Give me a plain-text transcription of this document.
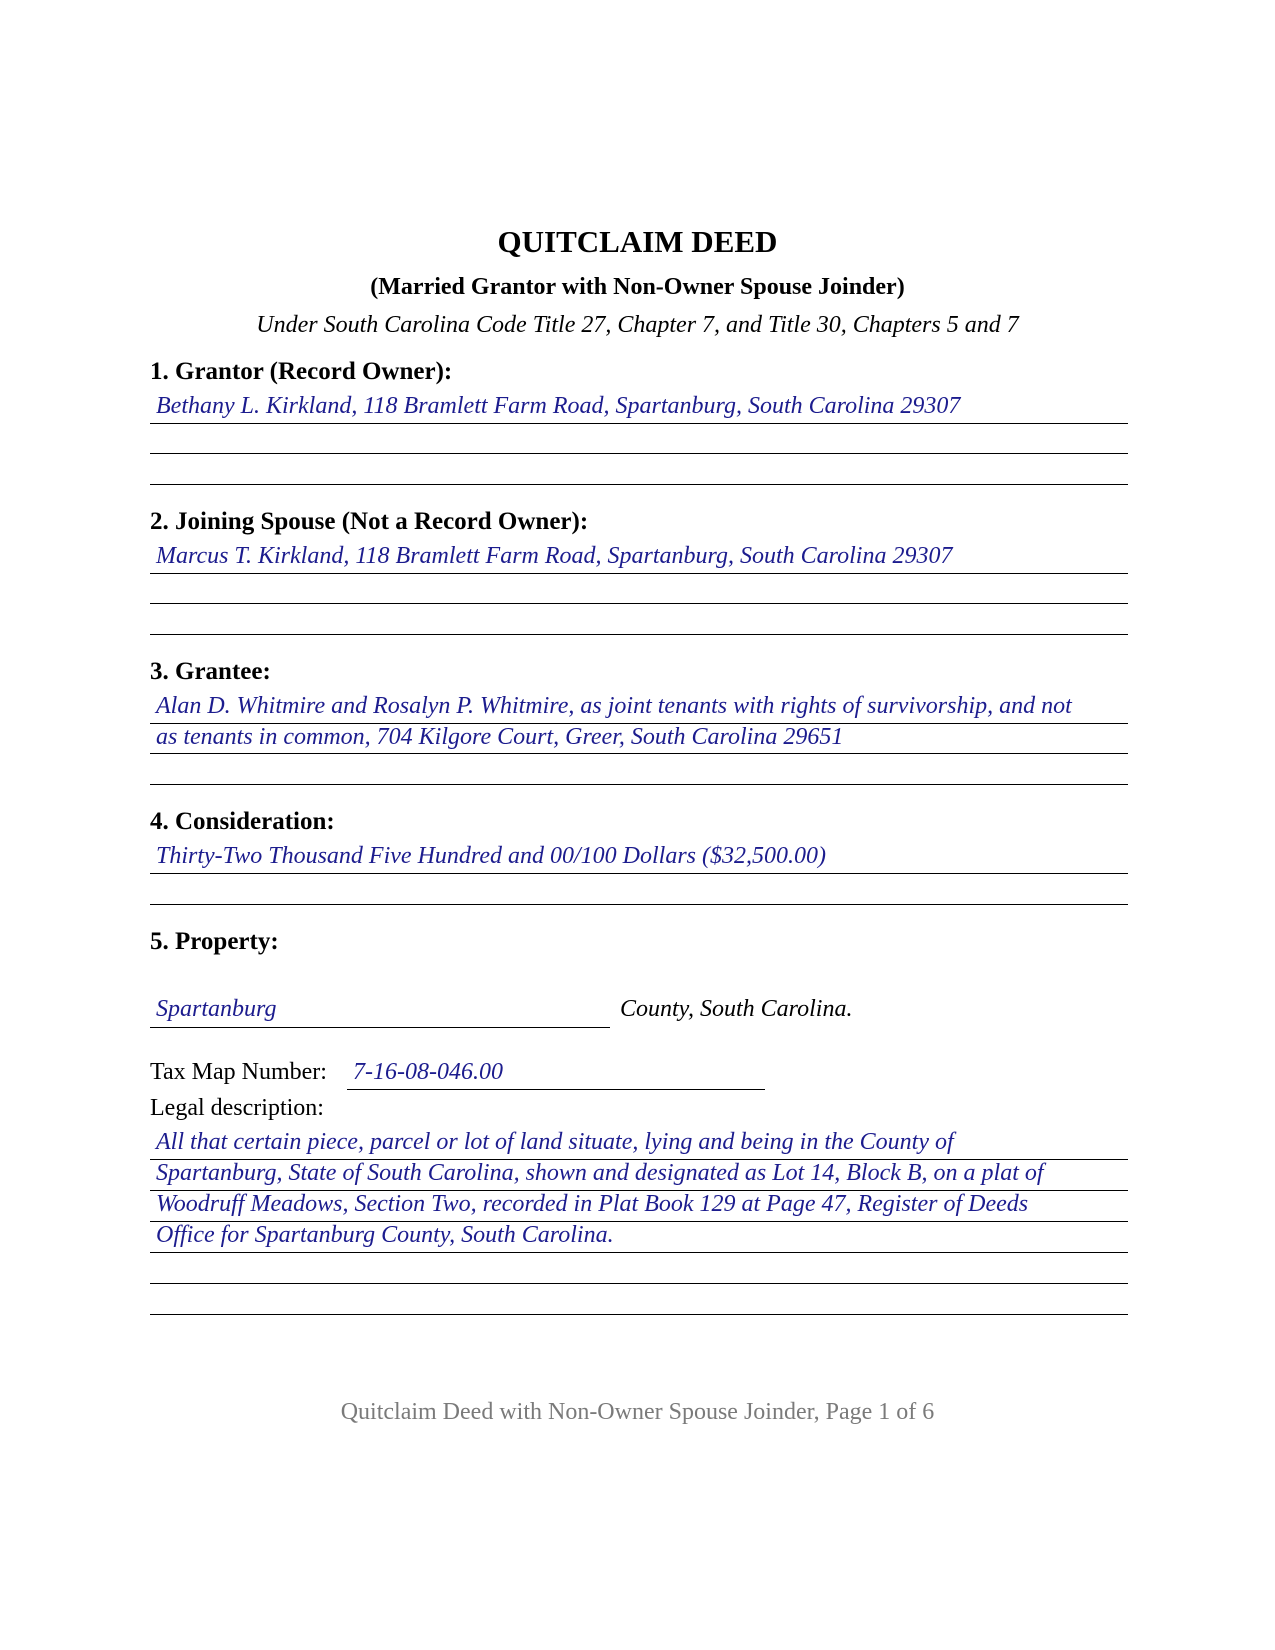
QUITCLAIM DEED
(Married Grantor with Non-Owner Spouse Joinder)
Under South Carolina Code Title 27, Chapter 7, and Title 30, Chapters 5 and 7
1. Grantor (Record Owner):
Bethany L. Kirkland, 118 Bramlett Farm Road, Spartanburg, South Carolina 29307
2. Joining Spouse (Not a Record Owner):
Marcus T. Kirkland, 118 Bramlett Farm Road, Spartanburg, South Carolina 29307
3. Grantee:
Alan D. Whitmire and Rosalyn P. Whitmire, as joint tenants with rights of survivorship, and not
as tenants in common, 704 Kilgore Court, Greer, South Carolina 29651
4. Consideration:
Thirty-Two Thousand Five Hundred and 00/100 Dollars ($32,500.00)
5. Property:
Spartanburg	County, South Carolina.
Tax Map Number: 7-16-08-046.00
Legal description:
All that certain piece, parcel or lot of land situate, lying and being in the County of
Spartanburg, State of South Carolina, shown and designated as Lot 14, Block B, on a plat of
Woodruff Meadows, Section Two, recorded in Plat Book 129 at Page 47, Register of Deeds
Office for Spartanburg County, South Carolina.
Quitclaim Deed with Non-Owner Spouse Joinder, Page 1 of 6
